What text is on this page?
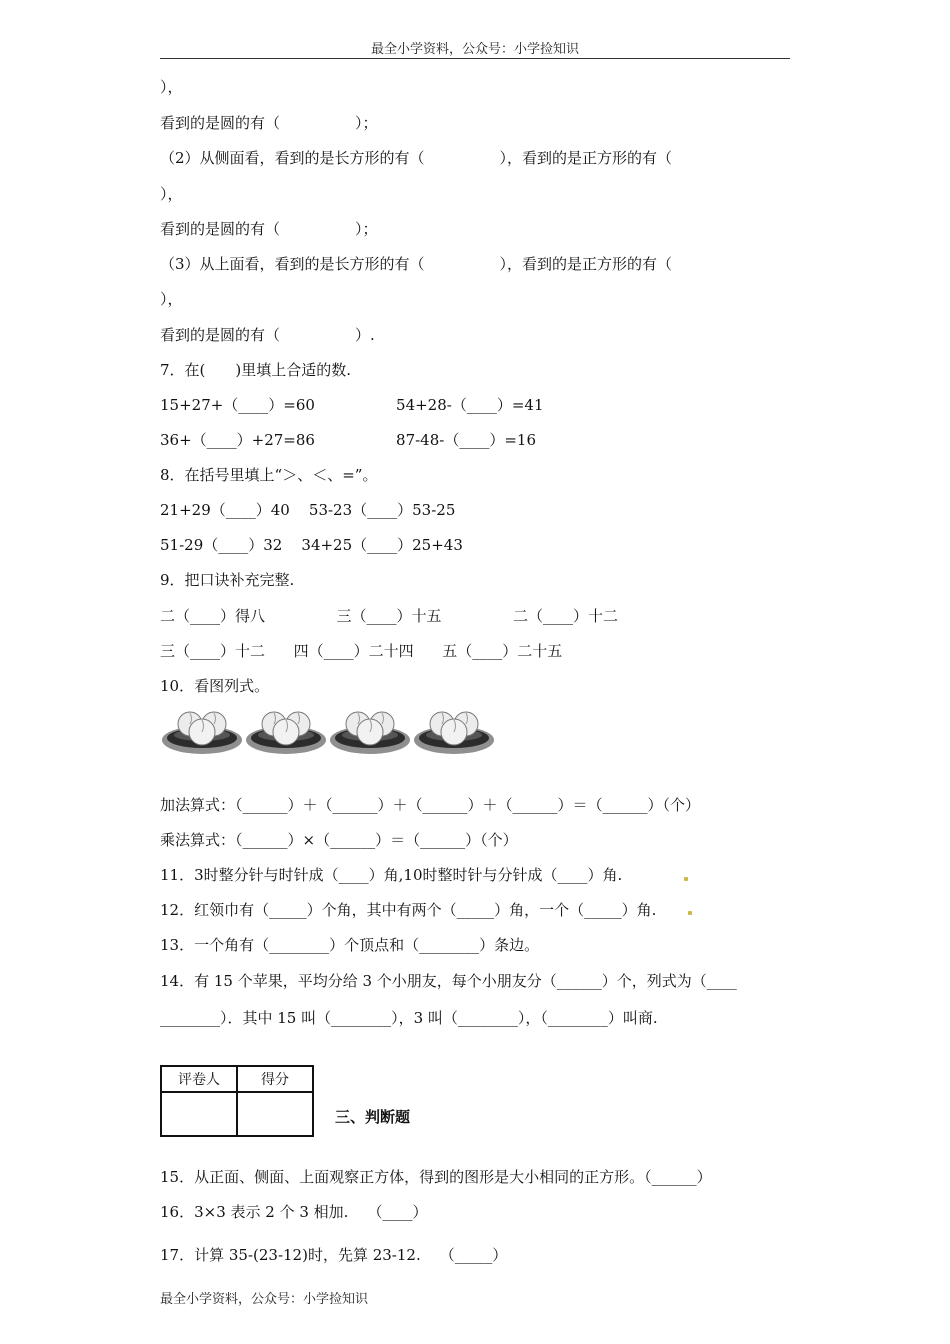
最全小学资料，公众号：小学捡知识
），
看到的是圆的有（　　　　　）；
（2）从侧面看，看到的是长方形的有（　　　　　），看到的是正方形的有（
），
看到的是圆的有（　　　　　）；
（3）从上面看，看到的是长方形的有（　　　　　），看到的是正方形的有（
），
看到的是圆的有（　　　　　）.
7．在(　　)里填上合适的数.
15+27+（____）=60                 54+28-（____）=41
36+（____）+27=86                 87-48-（____）=16
8．在括号里填上“＞、＜、=”。
21+29（____）40    53-23（____）53-25
51-29（____）32    34+25（____）25+43
9．把口诀补充完整.
二（____）得八               三（____）十五               二（____）十二
三（____）十二      四（____）二十四      五（____）二十五
10．看图列式。
加法算式：（______）＋（______）＋（______）＋（______）＝（______）（个）
乘法算式：（______）×（______）＝（______）（个）
11．3时整分针与时针成（____）角,10时整时针与分针成（____）角.
12．红领巾有（_____）个角，其中有两个（_____）角，一个（_____）角.
13．一个角有（________）个顶点和（________）条边。
14．有 15 个苹果，平均分给 3 个小朋友，每个小朋友分（______）个，列式为（____
________）．其中 15 叫（________），3 叫（________），（________）叫商.
评卷人	得分

三、判断题
15．从正面、侧面、上面观察正方体，得到的图形是大小相同的正方形。（______）
16．3×3 表示 2 个 3 相加.    （____）
17．计算 35-(23-12)时，先算 23-12.    （_____）
最全小学资料，公众号：小学捡知识
